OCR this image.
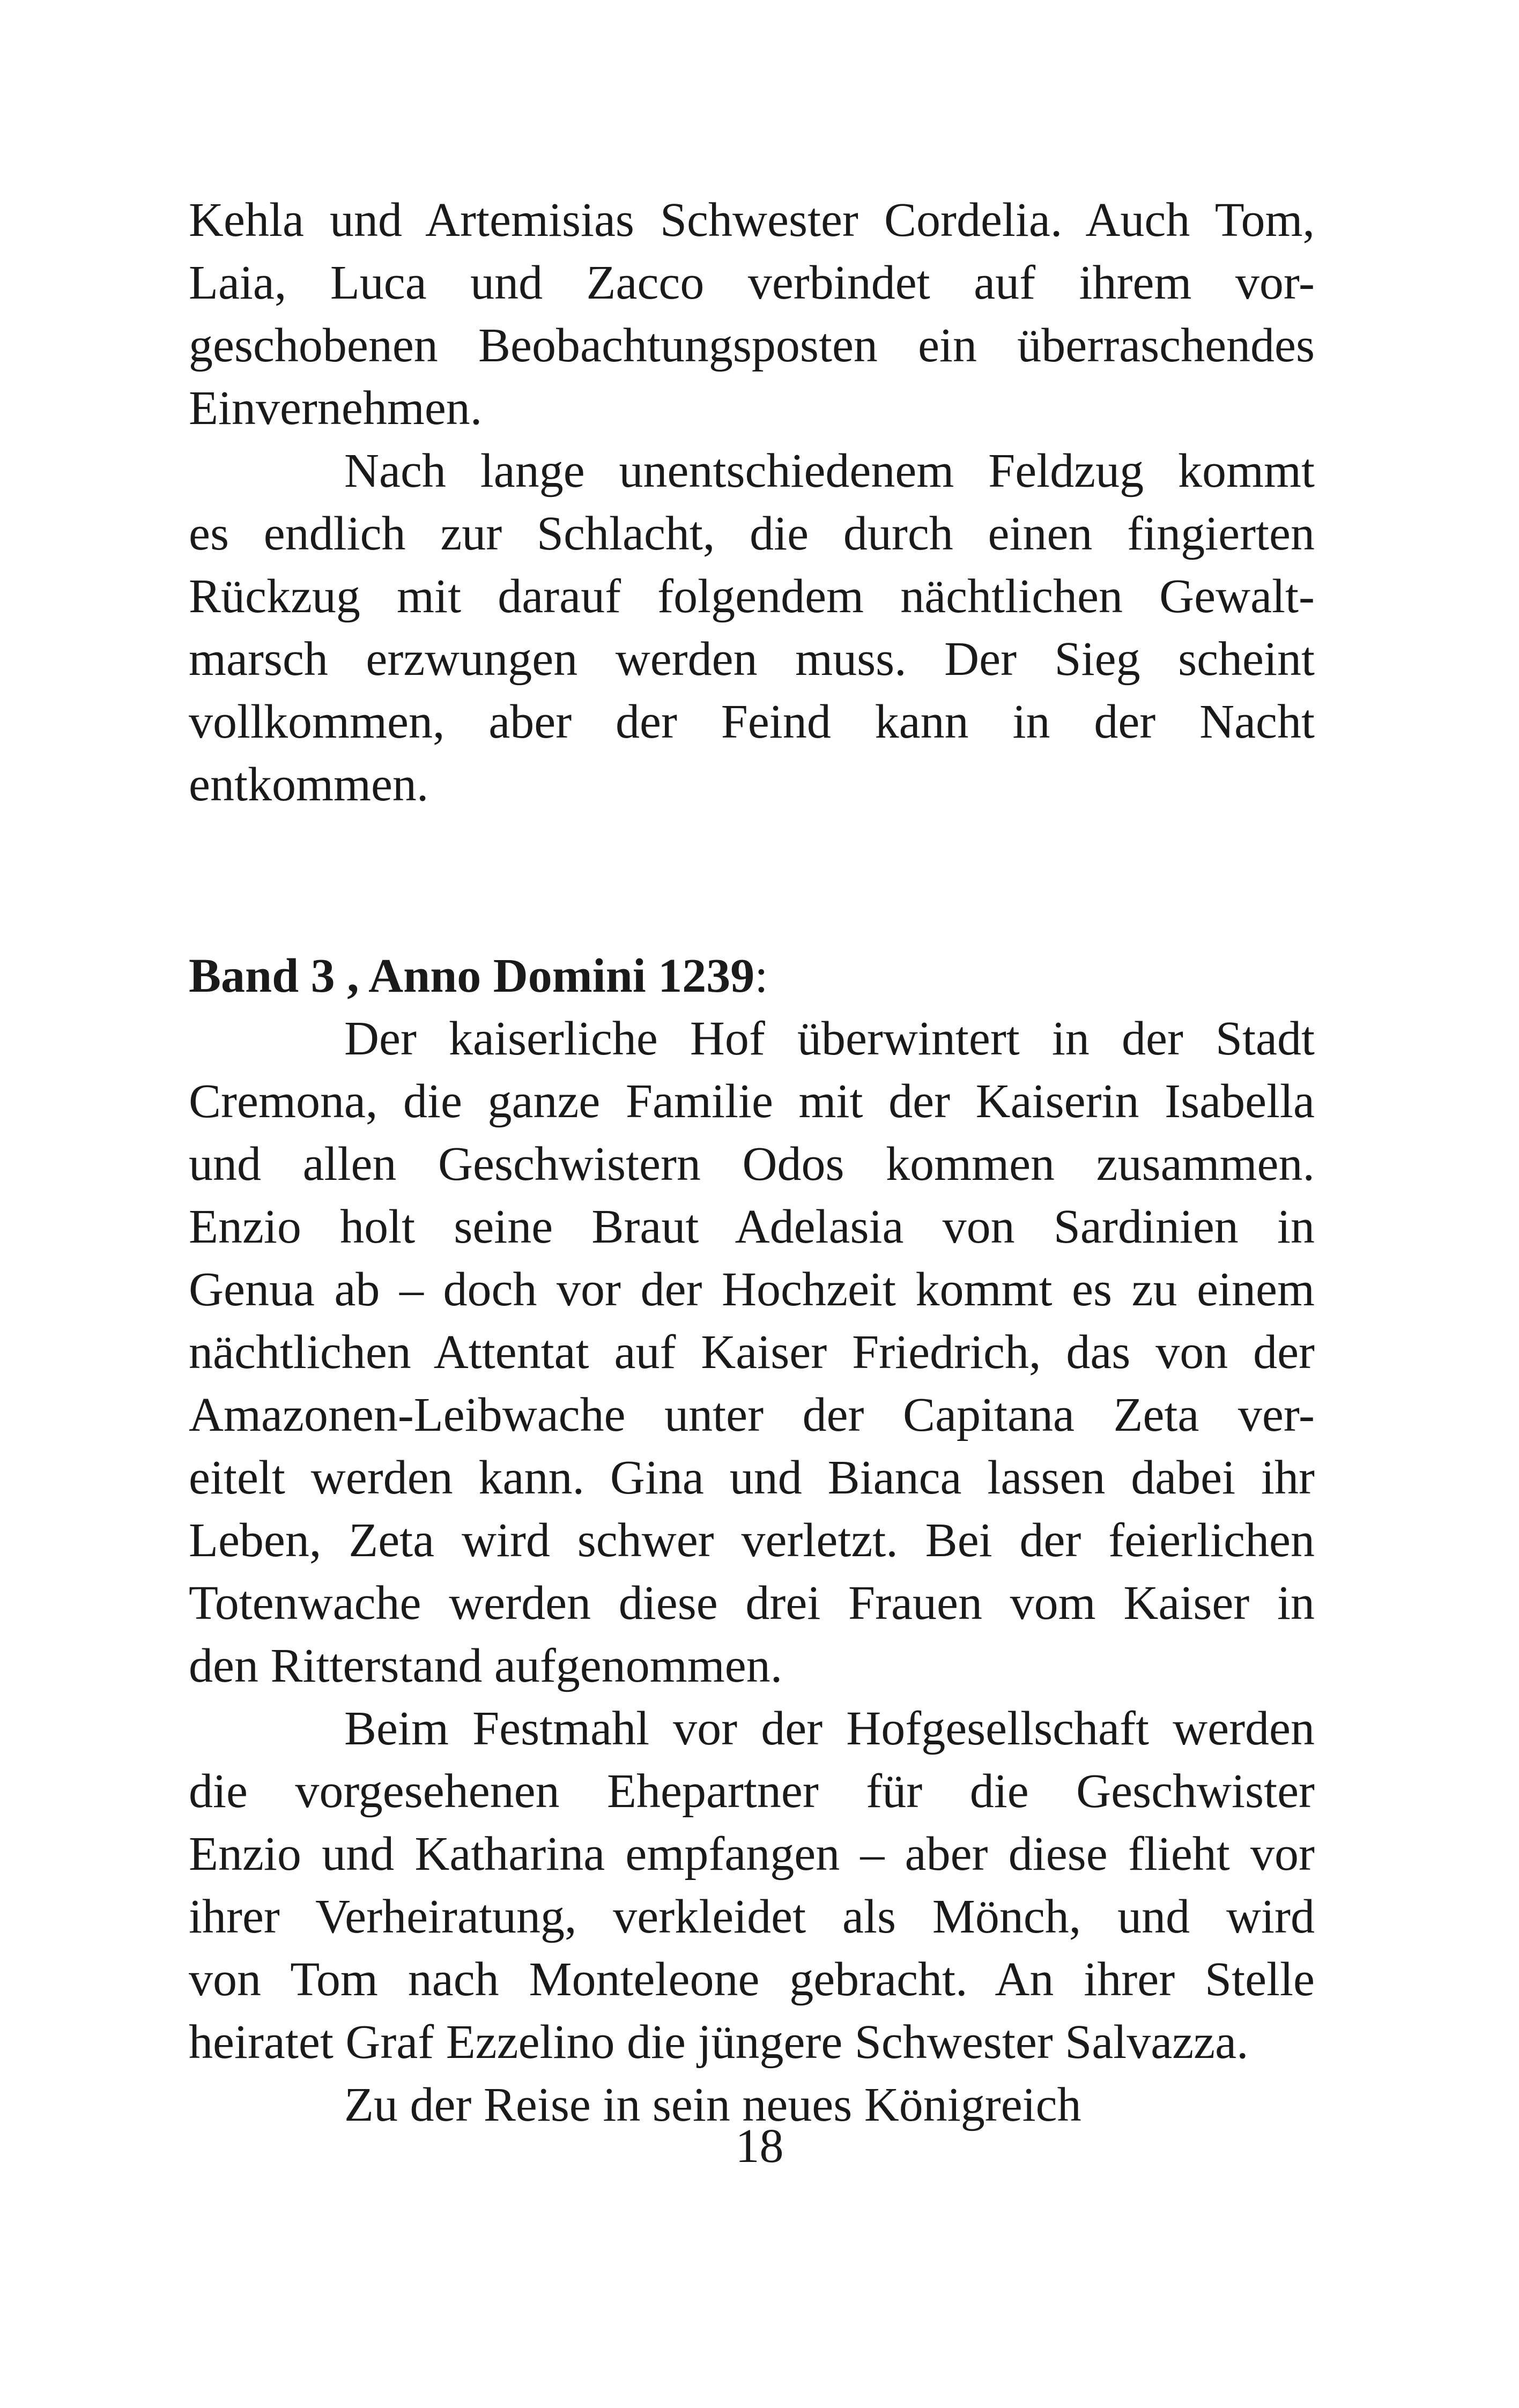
Kehla und Artemisias Schwester Cordelia. Auch Tom,
Laia, Luca und Zacco verbindet auf ihrem vor-
geschobenen Beobachtungsposten ein überraschendes
Einvernehmen.
Nach lange unentschiedenem Feldzug kommt
es endlich zur Schlacht, die durch einen fingierten
Rückzug mit darauf folgendem nächtlichen Gewalt-
marsch erzwungen werden muss. Der Sieg scheint
vollkommen, aber der Feind kann in der Nacht
entkommen.
Band 3 , Anno Domini 1239:
Der kaiserliche Hof überwintert in der Stadt
Cremona, die ganze Familie mit der Kaiserin Isabella
und allen Geschwistern Odos kommen zusammen.
Enzio holt seine Braut Adelasia von Sardinien in
Genua ab – doch vor der Hochzeit kommt es zu einem
nächtlichen Attentat auf Kaiser Friedrich, das von der
Amazonen-Leibwache unter der Capitana Zeta ver-
eitelt werden kann. Gina und Bianca lassen dabei ihr
Leben, Zeta wird schwer verletzt. Bei der feierlichen
Totenwache werden diese drei Frauen vom Kaiser in
den Ritterstand aufgenommen.
Beim Festmahl vor der Hofgesellschaft werden
die vorgesehenen Ehepartner für die Geschwister
Enzio und Katharina empfangen – aber diese flieht vor
ihrer Verheiratung, verkleidet als Mönch, und wird
von Tom nach Monteleone gebracht. An ihrer Stelle
heiratet Graf Ezzelino die jüngere Schwester Salvazza.
Zu der Reise in sein neues Königreich
18
